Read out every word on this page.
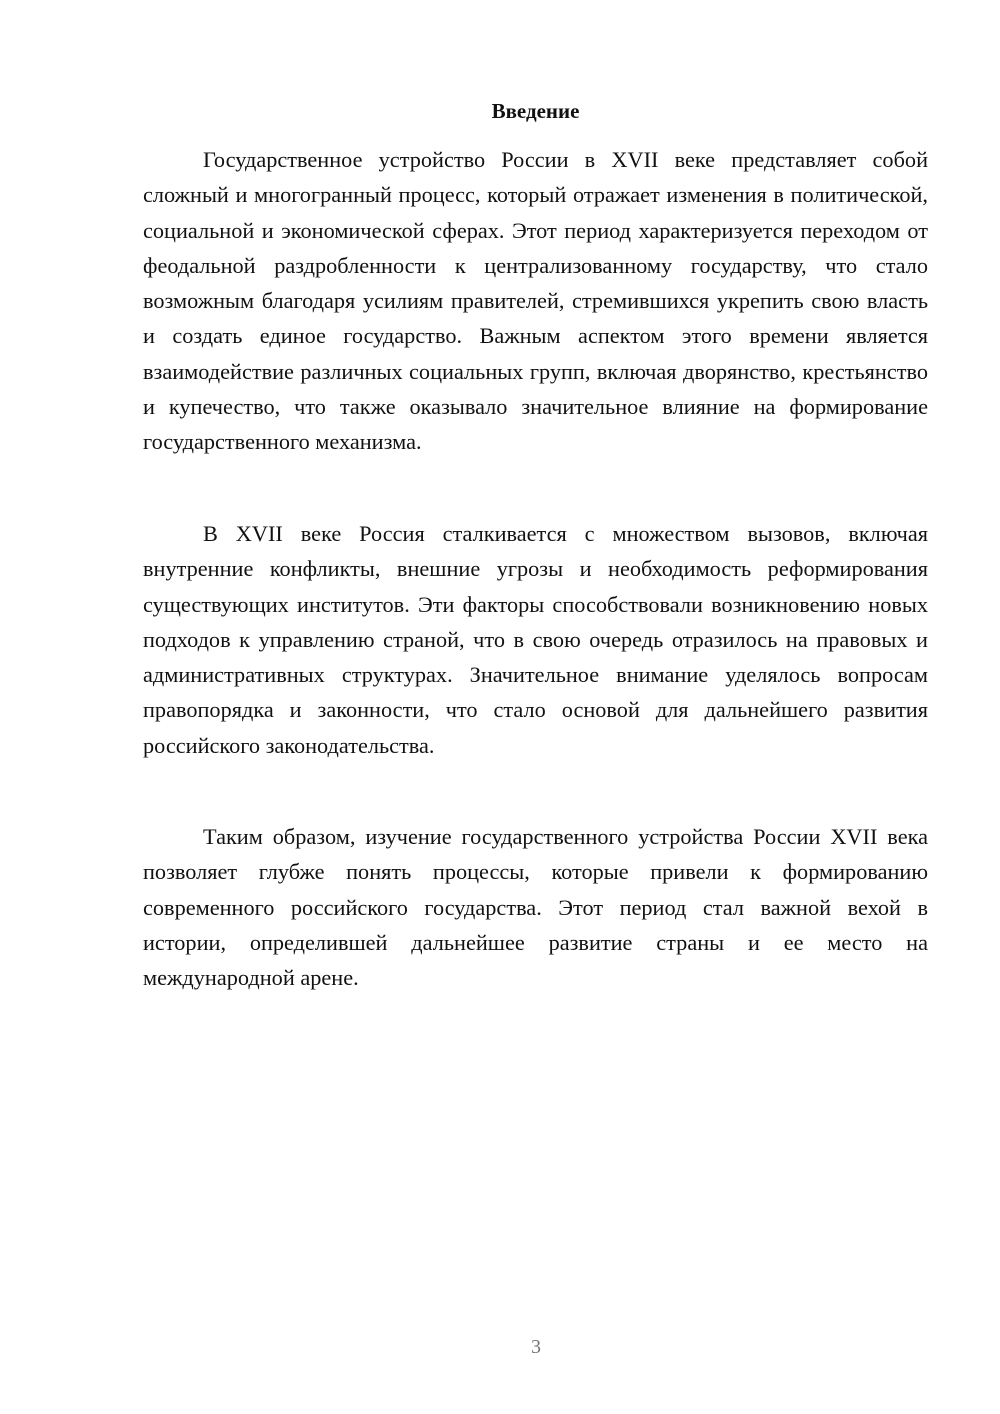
Введение

Государственное устройство России в XVII веке представляет собой сложный и многогранный процесс, который отражает изменения в политической, социальной и экономической сферах. Этот период характеризуется переходом от феодальной раздробленности к централизованному государству, что стало возможным благодаря усилиям правителей, стремившихся укрепить свою власть и создать единое государство. Важным аспектом этого времени является взаимодействие различных социальных групп, включая дворянство, крестьянство и купечество, что также оказывало значительное влияние на формирование государственного механизма.

В XVII веке Россия сталкивается с множеством вызовов, включая внутренние конфликты, внешние угрозы и необходимость реформирования существующих институтов. Эти факторы способствовали возникновению новых подходов к управлению страной, что в свою очередь отразилось на правовых и административных структурах. Значительное внимание уделялось вопросам правопорядка и законности, что стало основой для дальнейшего развития российского законодательства.

Таким образом, изучение государственного устройства России XVII века позволяет глубже понять процессы, которые привели к формированию современного российского государства. Этот период стал важной вехой в истории, определившей дальнейшее развитие страны и ее место на международной арене.

3
